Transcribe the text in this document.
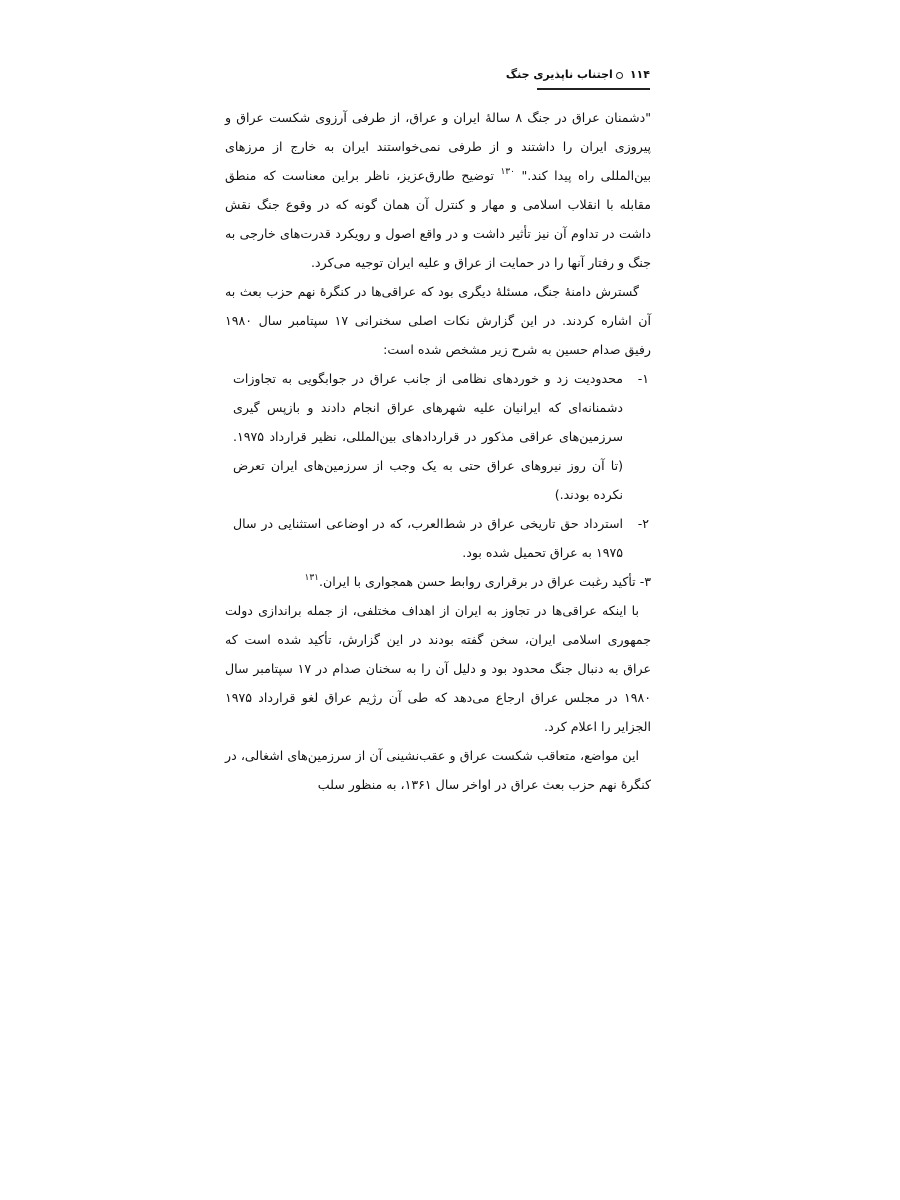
۱۱۴اجتناب ناپذیری جنگ

"دشمنان عراق در جنگ ۸ سالهٔ ایران و عراق، از طرفی آرزوی شکست عراق و پیروزی ایران را داشتند و از طرفی نمی‌خواستند ایران به خارج از مرزهای بین‌المللی راه پیدا کند." $^{۱۳۰}$ توضیح طارق‌عزیز، ناظر براین معناست که منطق مقابله با انقلاب اسلامی و مهار و کنترل آن همان گونه که در وقوع جنگ نقش داشت در تداوم آن نیز تأثیر داشت و در واقع اصول و رویکرد قدرت‌های خارجی به جنگ و رفتار آنها را در حمایت از عراق و علیه ایران توجیه می‌کرد.

گسترش دامنهٔ جنگ، مسئلهٔ دیگری بود که عراقی‌ها در کنگرهٔ نهم حزب بعث به آن اشاره کردند. در این گزارش نکات اصلی سخنرانی ۱۷ سپتامبر سال ۱۹۸۰ رفیق صدام حسین به شرح زیر مشخص شده است:

۱-
محدودیت زد و خوردهای نظامی از جانب عراق در جوابگویی به تجاوزات دشمنانه‌ای که ایرانیان علیه شهرهای عراق انجام دادند و بازپس گیری سرزمین‌های عراقی مذکور در قراردادهای بین‌المللی، نظیر قرارداد ۱۹۷۵. (تا آن روز نیروهای عراق حتی به یک وجب از سرزمین‌های ایران تعرض نکرده بودند.)
۲-
استرداد حق تاریخی عراق در شط‌العرب، که در اوضاعی استثنایی در سال ۱۹۷۵ به عراق تحمیل شده بود.

۳- تأکید رغبت عراق در برقراری روابط حسن همجواری با ایران.$^{۱۳۱}$

با اینکه عراقی‌ها در تجاوز به ایران از اهداف مختلفی، از جمله براندازی دولت جمهوری اسلامی ایران، سخن گفته بودند در این گزارش، تأکید شده است که عراق به دنبال جنگ محدود بود و دلیل آن را به سخنان صدام در ۱۷ سپتامبر سال ۱۹۸۰ در مجلس عراق ارجاع می‌دهد که طی آن رژیم عراق لغو قرارداد ۱۹۷۵ الجزایر را اعلام کرد.

این مواضع، متعاقب شکست عراق و عقب‌نشینی آن از سرزمین‌های اشغالی، در کنگرهٔ نهم حزب بعث عراق در اواخر سال ۱۳۶۱، به منظور سلب
